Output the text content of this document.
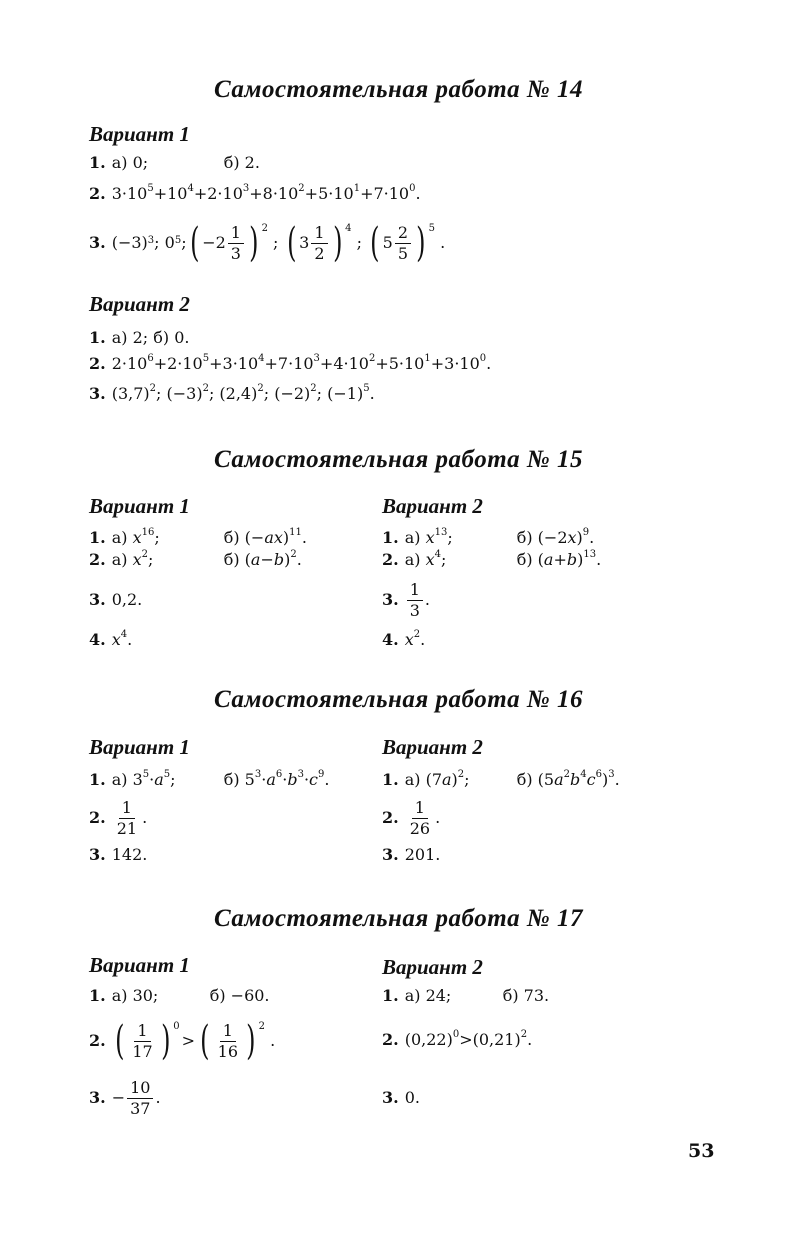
Самостоятельная работа № 14
Вариант 1
1. а) 0;	б) 2.
2. $3\cdot 10^5+10^4+2\cdot 10^3+8\cdot 10^2+5\cdot 10^1+7\cdot 10^0$.
3. $(-3)^3$ ; $0^5$ ; ( $-2 \frac{1}{3}$ ) $^2$
; ( $3 \frac{1}{2}$ ) $^4$
; ( $5 \frac{2}{5}$ ) $^5$
.
Вариант 2
1. а) 2; б) 0.
2. $2\cdot 10^6+2\cdot 10^5+3\cdot 10^4+7\cdot 10^3+4\cdot 10^2+5\cdot 10^1+3\cdot 10^0$.
3. $(3,7)^2$; $(-3)^2$; $(2,4)^2$; $(-2)^2$; $(-1)^5$.
Самостоятельная работа № 15
Вариант 1	Вариант 2
1. а) $x^{16}$;	б) $(-ax)^{11}$.
2. а) $x^2$;	б) $(a-b)^2$.
3. 0,2.
4. $x^4$.
1. а) $x^{13}$;	б) $(-2x)^9$.
2. а) $x^4$;	б) $(a+b)^{13}$.
3. $\frac{1}{3}$ .
4. $x^2$.
Самостоятельная работа № 16
Вариант 1	Вариант 2
1. а) $3^5\cdot a^5$;	б) $5^3\cdot a^6\cdot b^3\cdot c^9$.
2. $\frac{1}{21}$ .
3. 142.
1. а) $(7a)^2$;	б) $(5a^2b^4c^6)^3$.
2. $\frac{1}{26}$ .
3. 201.
Самостоятельная работа № 17
Вариант 1	Вариант 2
1. а) 30;	б) −60.
2. ( $\frac{1}{17}$ ) $^0$
> ( $\frac{1}{16}$ ) $^2$
.
3. − $\frac{10}{37}$ .
1. а) 24;	б) 73.
2. $(0,22)^0>(0,21)^2$.
3. 0.
53
